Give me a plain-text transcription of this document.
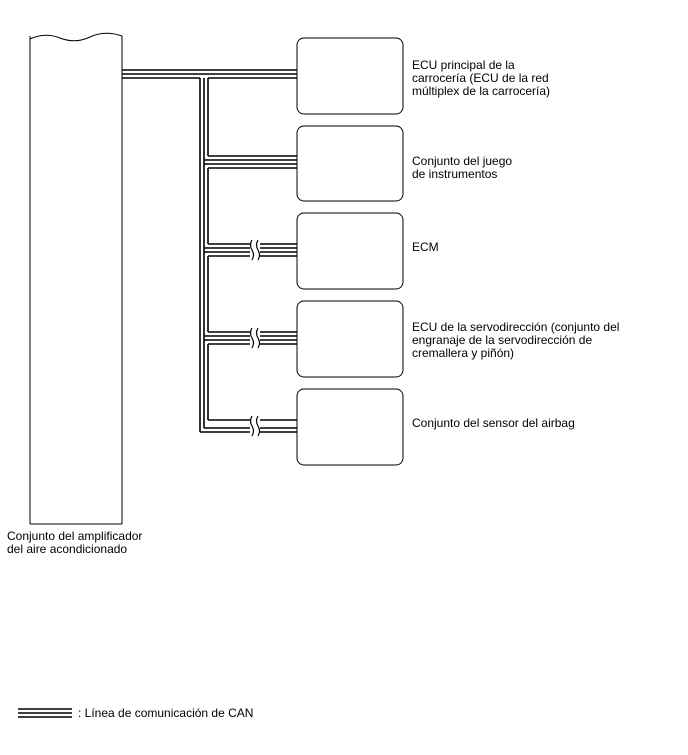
Conjunto del amplificador
del aire acondicionado
ECU principal de la
carrocería (ECU de la red
múltiplex de la carrocería)
Conjunto del juego
de instrumentos
ECM
ECU de la servodirección (conjunto del
engranaje de la servodirección de
cremallera y piñón)
Conjunto del sensor del airbag
: Línea de comunicación de CAN
